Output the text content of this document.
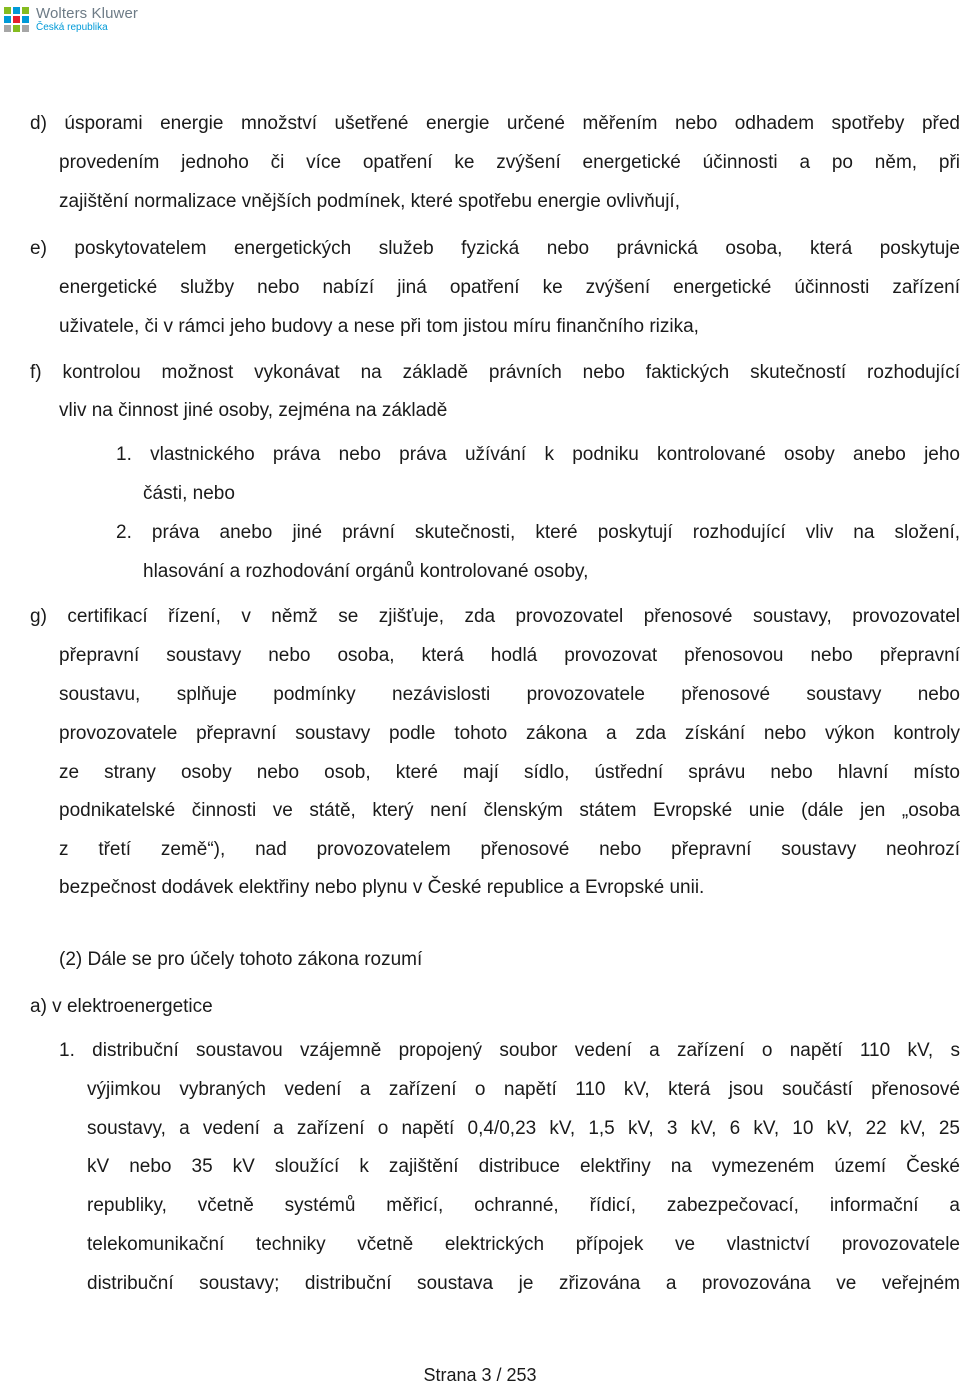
Wolters Kluwer
Česká republika
d) úsporami energie množství ušetřené energie určené měřením nebo odhadem spotřeby před
provedením jednoho či více opatření ke zvýšení energetické účinnosti a po něm, při
zajištění normalizace vnějších podmínek, které spotřebu energie ovlivňují,
e) poskytovatelem energetických služeb fyzická nebo právnická osoba, která poskytuje
energetické služby nebo nabízí jiná opatření ke zvýšení energetické účinnosti zařízení
uživatele, či v rámci jeho budovy a nese při tom jistou míru finančního rizika,
f) kontrolou možnost vykonávat na základě právních nebo faktických skutečností rozhodující
vliv na činnost jiné osoby, zejména na základě
1. vlastnického práva nebo práva užívání k podniku kontrolované osoby anebo jeho
části, nebo
2. práva anebo jiné právní skutečnosti, které poskytují rozhodující vliv na složení,
hlasování a rozhodování orgánů kontrolované osoby,
g) certifikací řízení, v němž se zjišťuje, zda provozovatel přenosové soustavy, provozovatel
přepravní soustavy nebo osoba, která hodlá provozovat přenosovou nebo přepravní
soustavu, splňuje podmínky nezávislosti provozovatele přenosové soustavy nebo
provozovatele přepravní soustavy podle tohoto zákona a zda získání nebo výkon kontroly
ze strany osoby nebo osob, které mají sídlo, ústřední správu nebo hlavní místo
podnikatelské činnosti ve státě, který není členským státem Evropské unie (dále jen „osoba
z třetí země“), nad provozovatelem přenosové nebo přepravní soustavy neohrozí
bezpečnost dodávek elektřiny nebo plynu v České republice a Evropské unii.
(2) Dále se pro účely tohoto zákona rozumí
a) v elektroenergetice
1. distribuční soustavou vzájemně propojený soubor vedení a zařízení o napětí 110 kV, s
výjimkou vybraných vedení a zařízení o napětí 110 kV, která jsou součástí přenosové
soustavy, a vedení a zařízení o napětí 0,4/0,23 kV, 1,5 kV, 3 kV, 6 kV, 10 kV, 22 kV, 25
kV nebo 35 kV sloužící k zajištění distribuce elektřiny na vymezeném území České
republiky, včetně systémů měřicí, ochranné, řídicí, zabezpečovací, informační a
telekomunikační techniky včetně elektrických přípojek ve vlastnictví provozovatele
distribuční soustavy; distribuční soustava je zřizována a provozována ve veřejném
Strana 3 / 253
